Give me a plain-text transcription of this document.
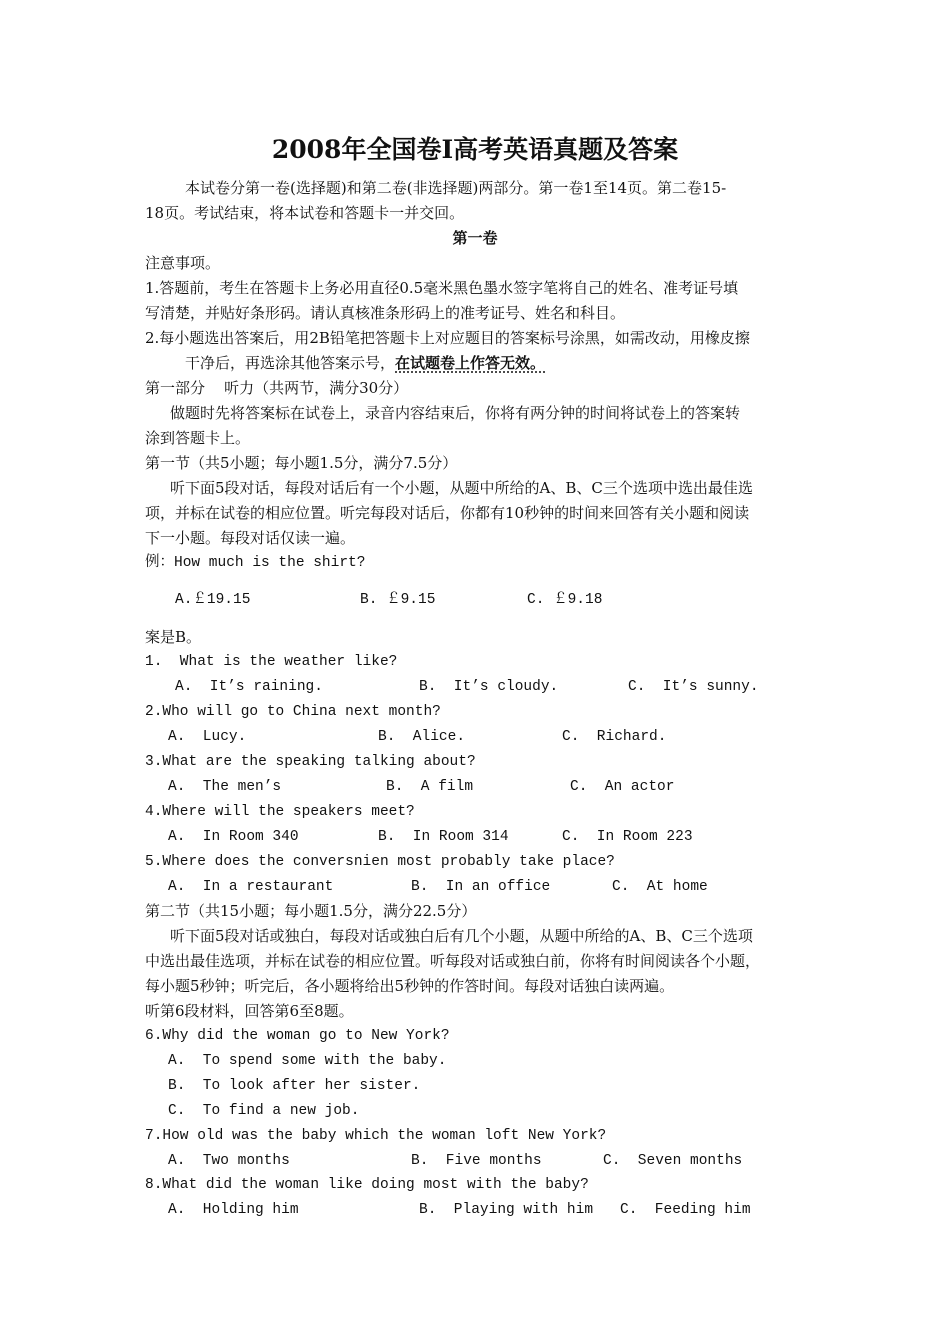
2008年全国卷Ⅰ高考英语真题及答案
本试卷分第一卷(选择题)和第二卷(非选择题)两部分。第一卷1至14页。第二卷15-
18页。考试结束，将本试卷和答题卡一并交回。
第一卷
注意事项。
1.答题前，考生在答题卡上务必用直径0.5毫米黑色墨水签字笔将自己的姓名、准考证号填
写清楚，并贴好条形码。请认真核准条形码上的准考证号、姓名和科目。
2.每小题选出答案后，用2B铅笔把答题卡上对应题目的答案标号涂黑，如需改动，用橡皮擦
干净后，再选涂其他答案示号，在试题卷上作答无效。
第一部分    听力（共两节，满分30分）
做题时先将答案标在试卷上，录音内容结束后，你将有两分钟的时间将试卷上的答案转
涂到答题卡上。
第一节（共5小题；每小题1.5分，满分7.5分）
听下面5段对话，每段对话后有一个小题，从题中所给的A、B、C三个选项中选出最佳选
项，并标在试卷的相应位置。听完每段对话后，你都有10秒钟的时间来回答有关小题和阅读
下一小题。每段对话仅读一遍。
例：How much is the shirt?
A.￡19.15	B. ￡9.15	C. ￡9.18
案是B。
1.  What is the weather like?
A.  It’s raining.	B.  It’s cloudy.	C.  It’s sunny.
2.Who will go to China next month?
A.  Lucy.	B.  Alice.	C.  Richard.
3.What are the speaking talking about?
A.  The men’s	B.  A film	C.  An actor
4.Where will the speakers meet?
A.  In Room 340	B.  In Room 314	C.  In Room 223
5.Where does the conversnien most probably take place?
A.  In a restaurant	B.  In an office	C.  At home
第二节（共15小题；每小题1.5分，满分22.5分）
听下面5段对话或独白，每段对话或独白后有几个小题，从题中所给的A、B、C三个选项
中选出最佳选项，并标在试卷的相应位置。听每段对话或独白前，你将有时间阅读各个小题，
每小题5秒钟；听完后，各小题将给出5秒钟的作答时间。每段对话独白读两遍。
听第6段材料，回答第6至8题。
6.Why did the woman go to New York?
A.  To spend some with the baby.
B.  To look after her sister.
C.  To find a new job.
7.How old was the baby which the woman loft New York?
A.  Two months	B.  Five months	C.  Seven months
8.What did the woman like doing most with the baby?
A.  Holding him	B.  Playing with him C.  Feeding him
